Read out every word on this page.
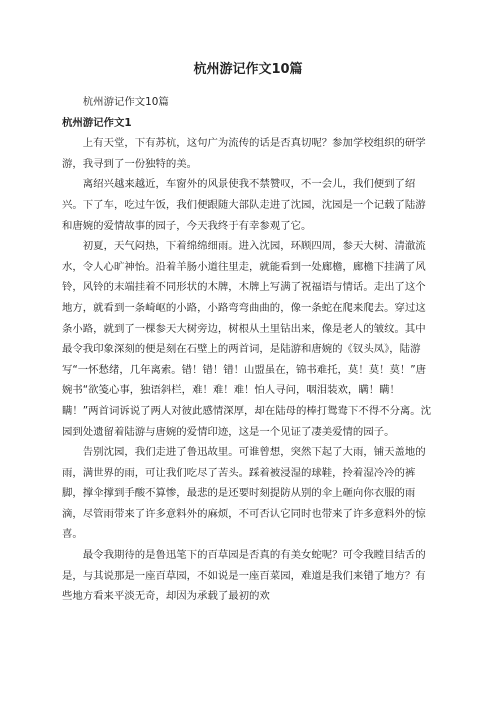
杭州游记作文10篇

杭州游记作文10篇

杭州游记作文1

上有天堂，下有苏杭，这句广为流传的话是否真切呢？参加学校组织的研学游，我寻到了一份独特的美。

离绍兴越来越近，车窗外的风景使我不禁赞叹，不一会儿，我们便到了绍兴。下了车，吃过午饭，我们便跟随大部队走进了沈园，沈园是一个记载了陆游和唐婉的爱情故事的园子，今天我终于有幸参观了它。

初夏，天气闷热，下着绵绵细雨。进入沈园，环顾四周，参天大树、清澈流水，令人心旷神怡。沿着羊肠小道往里走，就能看到一处廊檐，廊檐下挂满了风铃，风铃的末端挂着不同形状的木牌，木牌上写满了祝福语与情话。走出了这个地方，就看到一条崎岖的小路，小路弯弯曲曲的，像一条蛇在爬来爬去。穿过这条小路，就到了一棵参天大树旁边，树根从土里钻出来，像是老人的皱纹。其中最令我印象深刻的便是刻在石壁上的两首词，是陆游和唐婉的《钗头凤》，陆游写“一怀愁绪，几年离索。错！错！错！山盟虽在，锦书难托，莫！莫！莫！”唐婉书“欲笺心事，独语斜栏，难！难！难！怕人寻问，咽泪装欢，瞒！瞒！瞒！”两首词诉说了两人对彼此感情深厚，却在陆母的棒打鸳鸯下不得不分离。沈园到处遗留着陆游与唐婉的爱情印迹，这是一个见证了凄美爱情的园子。

告别沈园，我们走进了鲁迅故里。可谁曾想，突然下起了大雨，铺天盖地的雨，满世界的雨，可让我们吃尽了苦头。踩着被浸湿的球鞋，拎着湿冷冷的裤脚，撑伞撑到手酸不算惨，最悲的是还要时刻提防从别的伞上砸向你衣服的雨滴，尽管雨带来了许多意料外的麻烦，不可否认它同时也带来了许多意料外的惊喜。

最令我期待的是鲁迅笔下的百草园是否真的有美女蛇呢？可令我瞠目结舌的是，与其说那是一座百草园，不如说是一座百菜园，难道是我们来错了地方？有些地方看来平淡无奇，却因为承载了最初的欢
